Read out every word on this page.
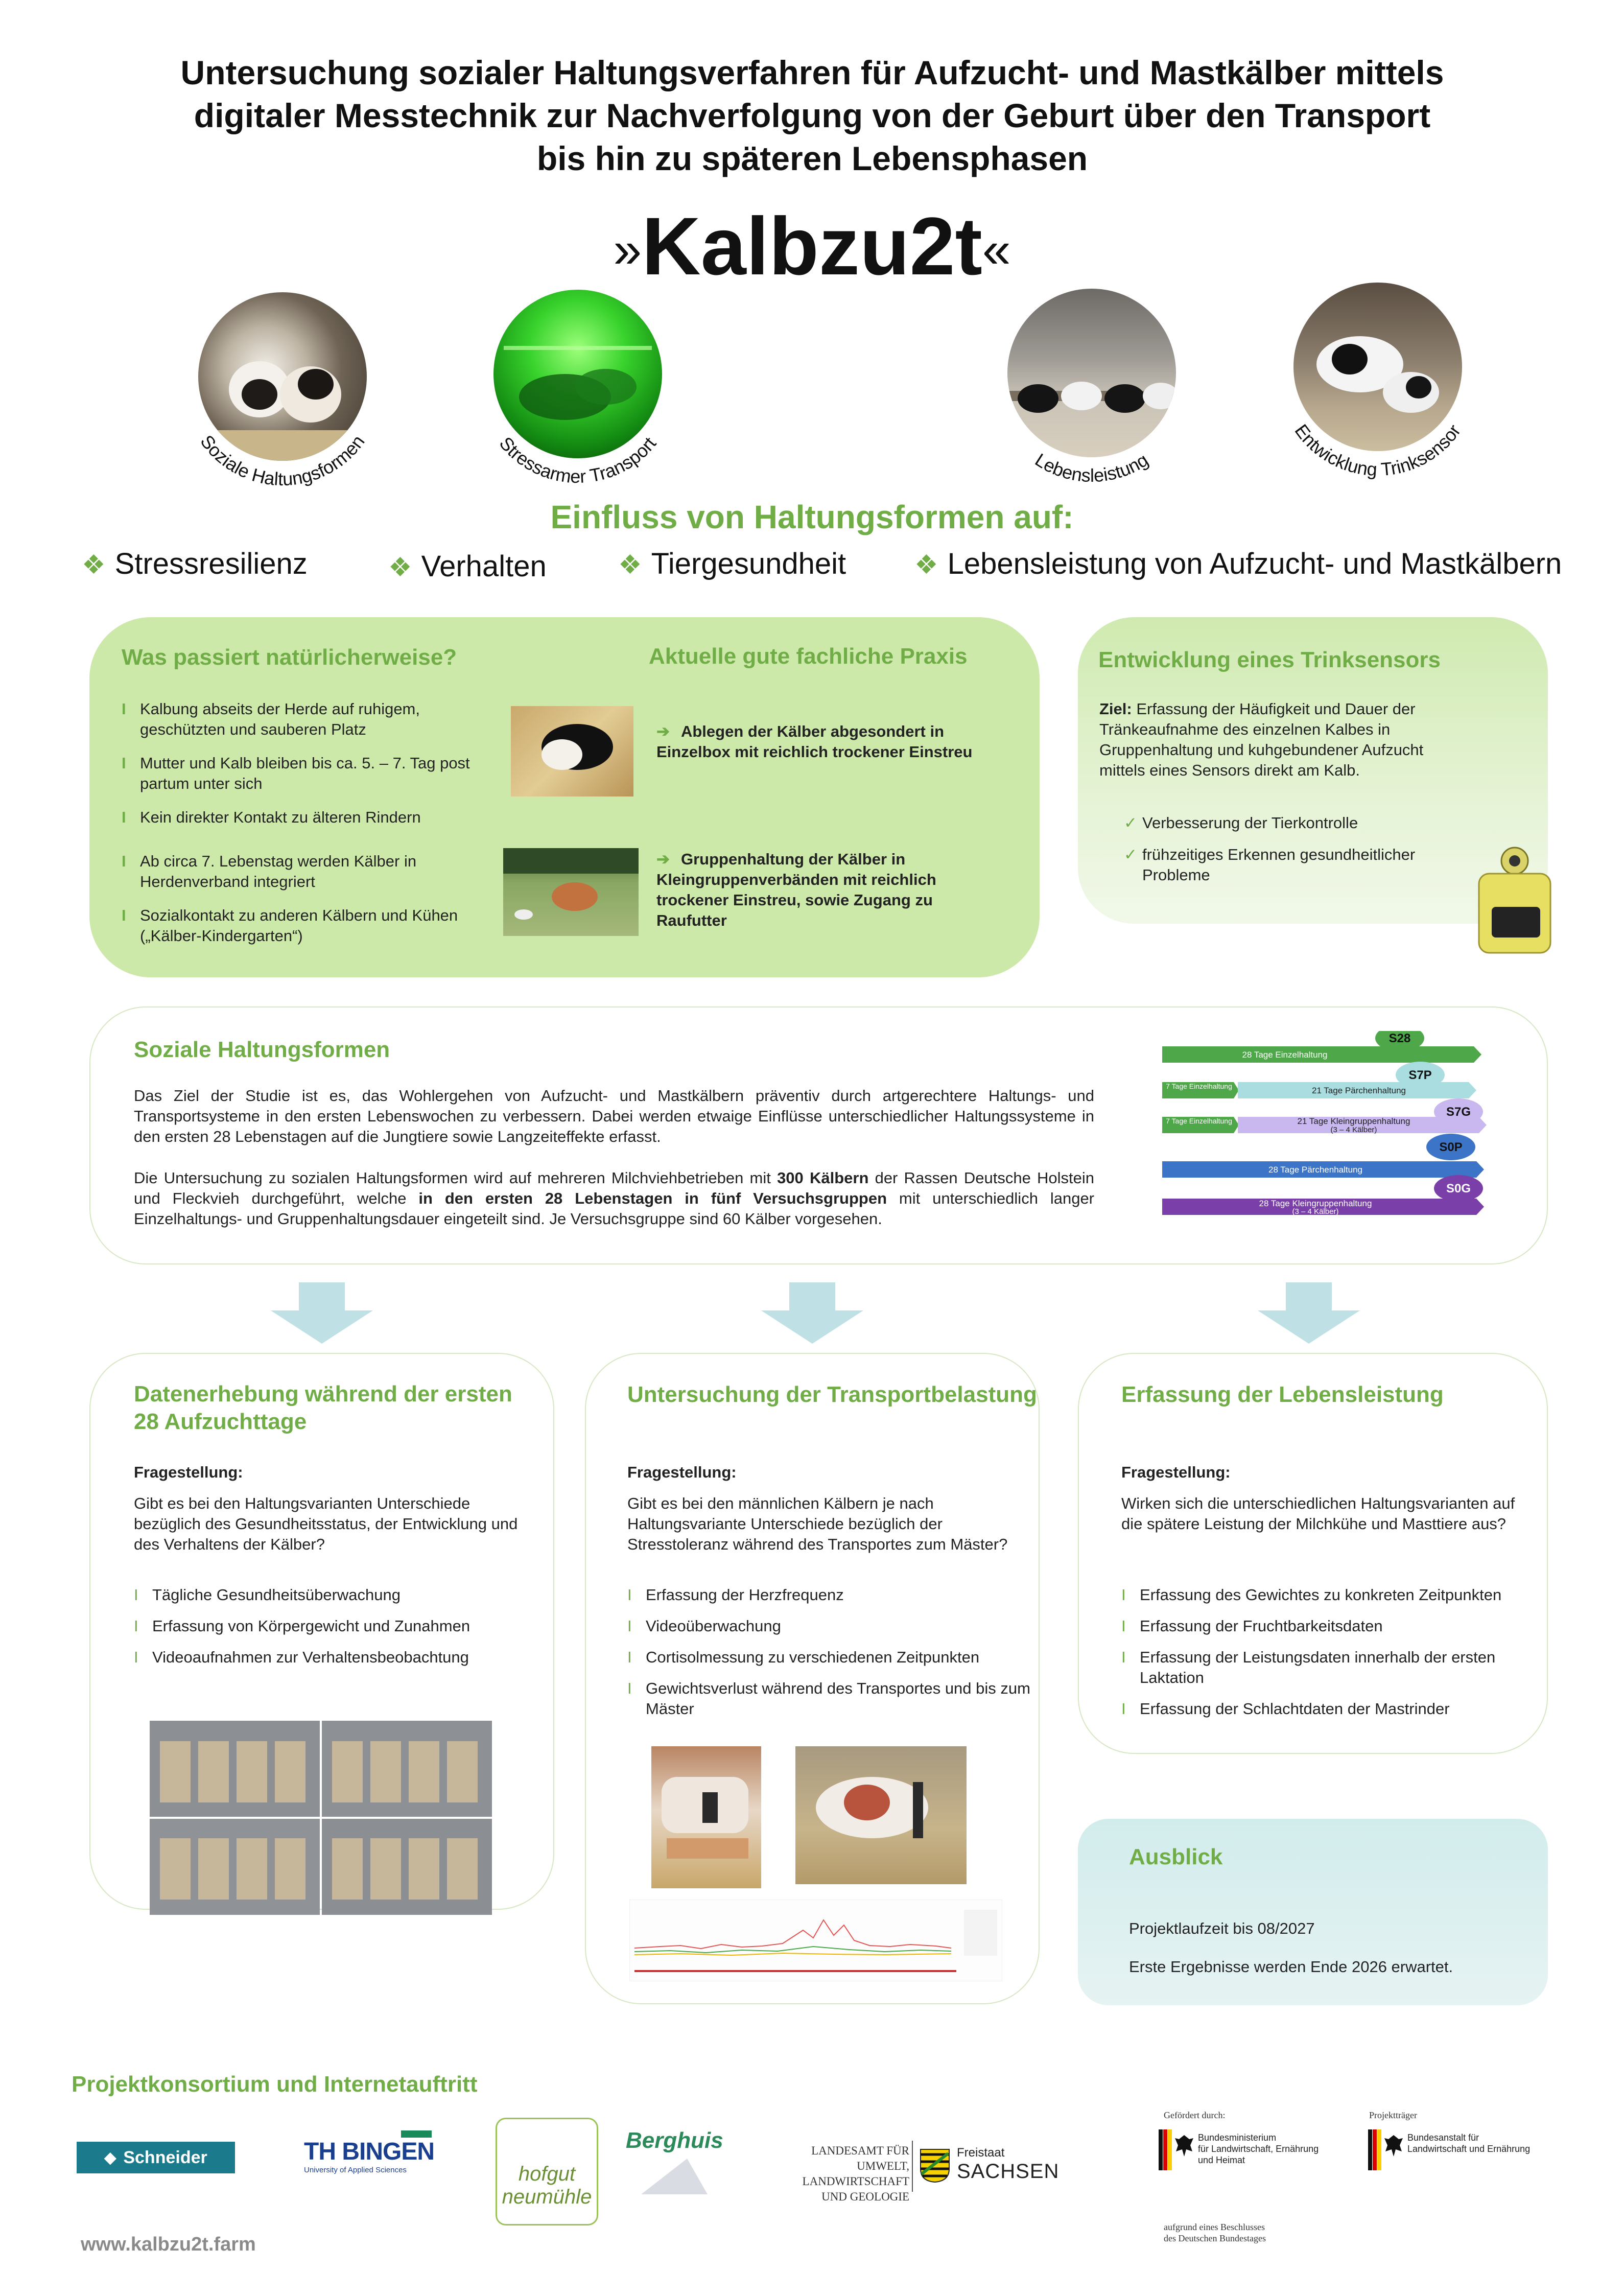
Untersuchung sozialer Haltungsverfahren für Aufzucht- und Mastkälber mittels
digitaler Messtechnik zur Nachverfolgung von der Geburt über den Transport
bis hin zu späteren Lebensphasen
»Kalbzu2t«
Soziale Haltungsformen	Stressarmer Transport
Lebensleistung
Entwicklung Trinksensor
Einfluss von Haltungsformen auf:
❖ Stressresilienz	❖ Verhalten	❖ Tiergesundheit	❖ Lebensleistung von Aufzucht- und Mastkälbern
Was passiert natürlicherweise?
I Kalbung abseits der Herde auf ruhigem, geschützten und sauberen Platz
I Mutter und Kalb bleiben bis ca. 5. – 7. Tag post partum unter sich
I Kein direkter Kontakt zu älteren Rindern
I Ab circa 7. Lebenstag werden Kälber in Herdenverband integriert
I Sozialkontakt zu anderen Kälbern und Kühen („Kälber-Kindergarten“)
Aktuelle gute fachliche Praxis
➔ Ablegen der Kälber abgesondert in Einzelbox mit reichlich trockener Einstreu
➔ Gruppenhaltung der Kälber in Kleingruppenverbänden mit reichlich trockener Einstreu, sowie Zugang zu Raufutter
Entwicklung eines Trinksensors
Ziel: Erfassung der Häufigkeit und Dauer der Tränkeaufnahme des einzelnen Kalbes in Gruppenhaltung und kuhgebundener Aufzucht mittels eines Sensors direkt am Kalb.
✓ Verbesserung der Tierkontrolle
✓ frühzeitiges Erkennen gesundheitlicher Probleme
Soziale Haltungsformen
Das Ziel der Studie ist es, das Wohlergehen von Aufzucht- und Mastkälbern präventiv durch artgerechtere Haltungs- und Transportsysteme in den ersten Lebenswochen zu verbessern. Dabei werden etwaige Einflüsse unterschiedlicher Haltungssysteme in den ersten 28 Lebenstagen auf die Jungtiere sowie Langzeiteffekte erfasst.
Die Untersuchung zu sozialen Haltungsformen wird auf mehreren Milchviehbetrieben mit 300 Kälbern der Rassen Deutsche Holstein und Fleckvieh durchgeführt, welche in den ersten 28 Lebenstagen in fünf Versuchsgruppen mit unterschiedlich langer Einzelhaltungs- und Gruppenhaltungsdauer eingeteilt sind. Je Versuchsgruppe sind 60 Kälber vorgesehen.
28 Tage Einzelhaltung
S28
7 Tage Einzelhaltung	21 Tage Pärchenhaltung
S7P
7 Tage Einzelhaltung	21 Tage Kleingruppenhaltung
(3 – 4 Kälber)
S7G
28 Tage Pärchenhaltung
S0P
28 Tage Kleingruppenhaltung
(3 – 4 Kälber)
S0G
Datenerhebung während der ersten 28 Aufzuchttage
Fragestellung:
Gibt es bei den Haltungsvarianten Unterschiede bezüglich des Gesundheitsstatus, der Entwicklung und des Verhaltens der Kälber?
I Tägliche Gesundheitsüberwachung
I Erfassung von Körpergewicht und Zunahmen
I Videoaufnahmen zur Verhaltensbeobachtung
Untersuchung der Transportbelastung
Fragestellung:
Gibt es bei den männlichen Kälbern je nach Haltungsvariante Unterschiede bezüglich der Stresstoleranz während des Transportes zum Mäster?
I Erfassung der Herzfrequenz
I Videoüberwachung
I Cortisolmessung zu verschiedenen Zeitpunkten
I Gewichtsverlust während des Transportes und bis zum Mäster
Erfassung der Lebensleistung
Fragestellung:
Wirken sich die unterschiedlichen Haltungsvarianten auf die spätere Leistung der Milchkühe und Masttiere aus?
I Erfassung des Gewichtes zu konkreten Zeitpunkten
I Erfassung der Fruchtbarkeitsdaten
I Erfassung der Leistungsdaten innerhalb der ersten Laktation
I Erfassung der Schlachtdaten der Mastrinder
Ausblick
Projektlaufzeit bis 08/2027
Erste Ergebnisse werden Ende 2026 erwartet.
Projektkonsortium und Internetauftritt
◆ Schneider	TH BINGEN
University of Applied Sciences	hofgut
neumühle
Berghuis	LANDESAMT FÜR UMWELT,
LANDWIRTSCHAFT
UND GEOLOGIE
Freistaat
SACHSEN
Gefördert durch:
Bundesministerium
für Landwirtschaft, Ernährung
und Heimat
aufgrund eines Beschlusses
des Deutschen Bundestages
Projektträger
Bundesanstalt für
Landwirtschaft und Ernährung
www.kalbzu2t.farm
